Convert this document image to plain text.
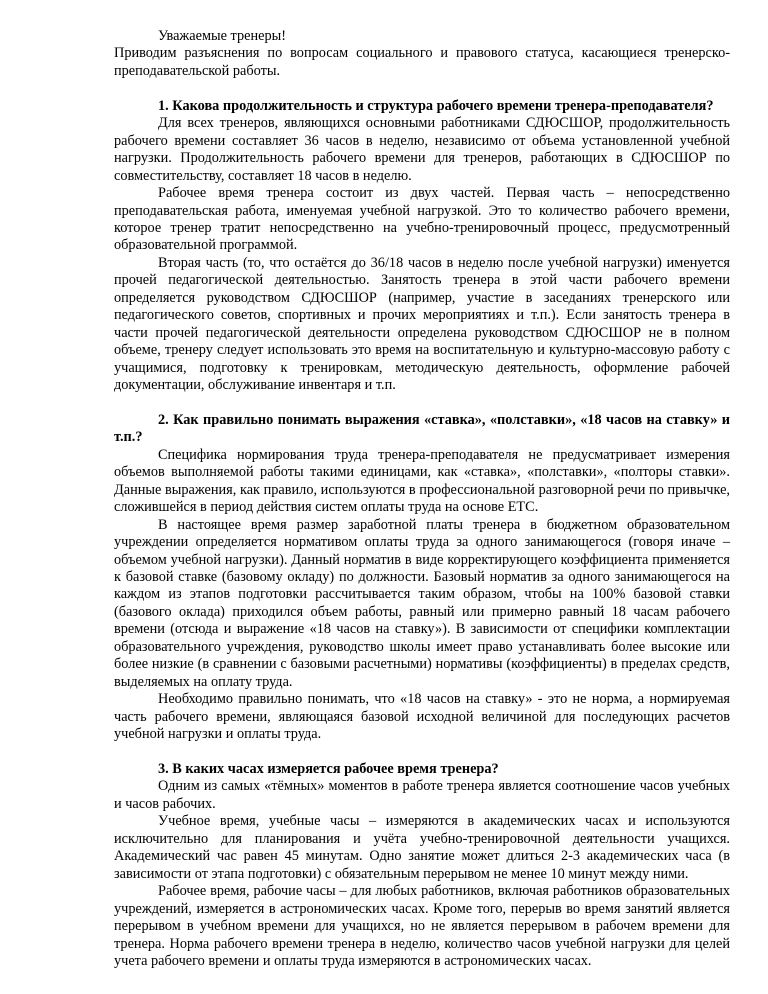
Уважаемые тренеры!

Приводим разъяснения по вопросам социального и правового статуса, касающиеся тренерско-преподавательской работы.

1. Какова продолжительность и структура рабочего времени тренера-преподавателя?

Для всех тренеров, являющихся основными работниками СДЮСШОР, продолжительность рабочего времени составляет 36 часов в неделю, независимо от объема установленной учебной нагрузки. Продолжительность рабочего времени для тренеров, работающих в СДЮСШОР по совместительству, составляет 18 часов в неделю.

Рабочее время тренера состоит из двух частей. Первая часть – непосредственно преподавательская работа, именуемая учебной нагрузкой. Это то количество рабочего времени, которое тренер тратит непосредственно на учебно-тренировочный процесс, предусмотренный образовательной программой.

Вторая часть (то, что остаётся до 36/18 часов в неделю после учебной нагрузки) именуется прочей педагогической деятельностью. Занятость тренера в этой части рабочего времени определяется руководством СДЮСШОР (например, участие в заседаниях тренерского или педагогического советов, спортивных и прочих мероприятиях и т.п.). Если занятость тренера в части прочей педагогической деятельности определена руководством СДЮСШОР не в полном объеме, тренеру следует использовать это время на воспитательную и культурно-массовую работу с учащимися, подготовку к тренировкам, методическую деятельность, оформление рабочей документации, обслуживание инвентаря и т.п.

2. Как правильно понимать выражения «ставка», «полставки», «18 часов на ставку» и т.п.?

Специфика нормирования труда тренера-преподавателя не предусматривает измерения объемов выполняемой работы такими единицами, как «ставка», «полставки», «полторы ставки». Данные выражения, как правило, используются в профессиональной разговорной речи по привычке, сложившейся в период действия систем оплаты труда на основе ЕТС.

В настоящее время размер заработной платы тренера в бюджетном образовательном учреждении определяется нормативом оплаты труда за одного занимающегося (говоря иначе – объемом учебной нагрузки). Данный норматив в виде корректирующего коэффициента применяется к базовой ставке (базовому окладу) по должности. Базовый норматив за одного занимающегося на каждом из этапов подготовки рассчитывается таким образом, чтобы на 100% базовой ставки (базового оклада) приходился объем работы, равный или примерно равный 18 часам рабочего времени (отсюда и выражение «18 часов на ставку»). В зависимости от специфики комплектации образовательного учреждения, руководство школы имеет право устанавливать более высокие или более низкие (в сравнении с базовыми расчетными) нормативы (коэффициенты) в пределах средств, выделяемых на оплату труда.

Необходимо правильно понимать, что «18 часов на ставку» - это не норма, а нормируемая часть рабочего времени, являющаяся базовой исходной величиной для последующих расчетов учебной нагрузки и оплаты труда.

3. В каких часах измеряется рабочее время тренера?

Одним из самых «тёмных» моментов в работе тренера является соотношение часов учебных и часов рабочих.

Учебное время, учебные часы – измеряются в академических часах и используются исключительно для планирования и учёта учебно-тренировочной деятельности учащихся. Академический час равен 45 минутам. Одно занятие может длиться 2-3 академических часа (в зависимости от этапа подготовки) с обязательным перерывом не менее 10 минут между ними.

Рабочее время, рабочие часы – для любых работников, включая работников образовательных учреждений, измеряется в астрономических часах. Кроме того, перерыв во время занятий является перерывом в учебном времени для учащихся, но не является перерывом в рабочем времени для тренера. Норма рабочего времени тренера в неделю, количество часов учебной нагрузки для целей учета рабочего времени и оплаты труда измеряются в астрономических часах.
